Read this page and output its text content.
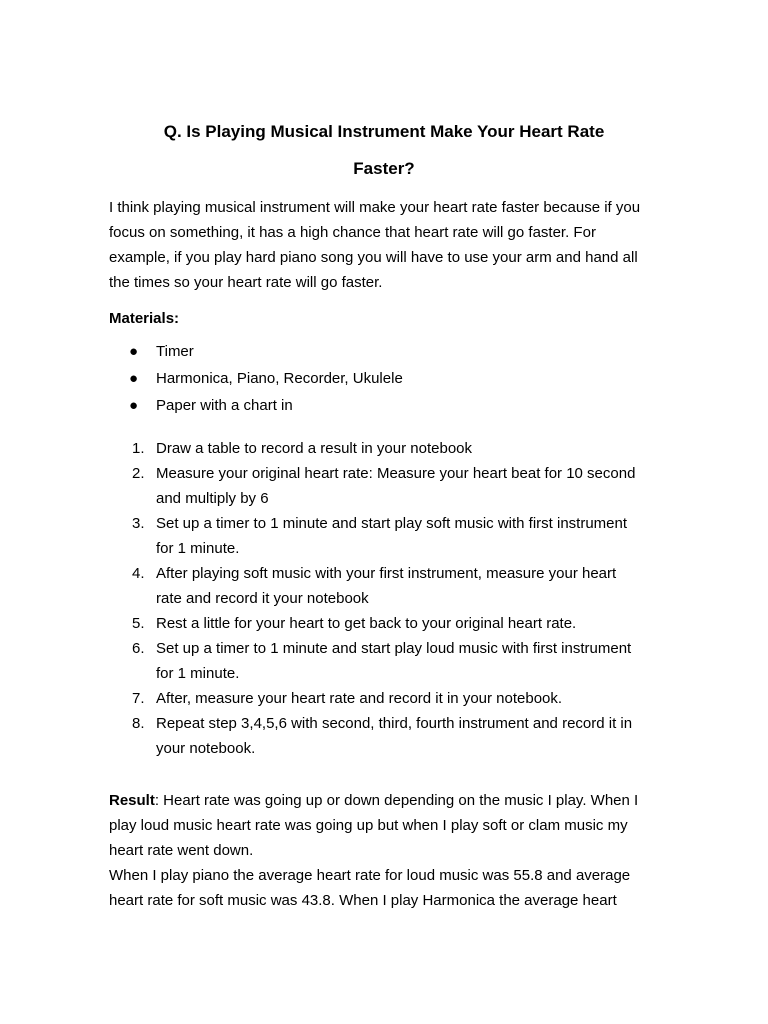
Q. Is Playing Musical Instrument Make Your Heart Rate
Faster?

I think playing musical instrument will make your heart rate faster because if you
focus on something, it has a high chance that heart rate will go faster. For
example, if you play hard piano song you will have to use your arm and hand all
the times so your heart rate will go faster.

Materials:

● Timer
● Harmonica, Piano, Recorder, Ukulele
● Paper with a chart in
1. Draw a table to record a result in your notebook
2. Measure your original heart rate: Measure your heart beat for 10 second
and multiply by 6
3. Set up a timer to 1 minute and start play soft music with first instrument
for 1 minute.
4. After playing soft music with your first instrument, measure your heart
rate and record it your notebook
5. Rest a little for your heart to get back to your original heart rate.
6. Set up a timer to 1 minute and start play loud music with first instrument
for 1 minute.
7. After, measure your heart rate and record it in your notebook.
8. Repeat step 3,4,5,6 with second, third, fourth instrument and record it in
your notebook.

Result: Heart rate was going up or down depending on the music I play. When I
play loud music heart rate was going up but when I play soft or clam music my
heart rate went down.
When I play piano the average heart rate for loud music was 55.8 and average
heart rate for soft music was 43.8. When I play Harmonica the average heart
